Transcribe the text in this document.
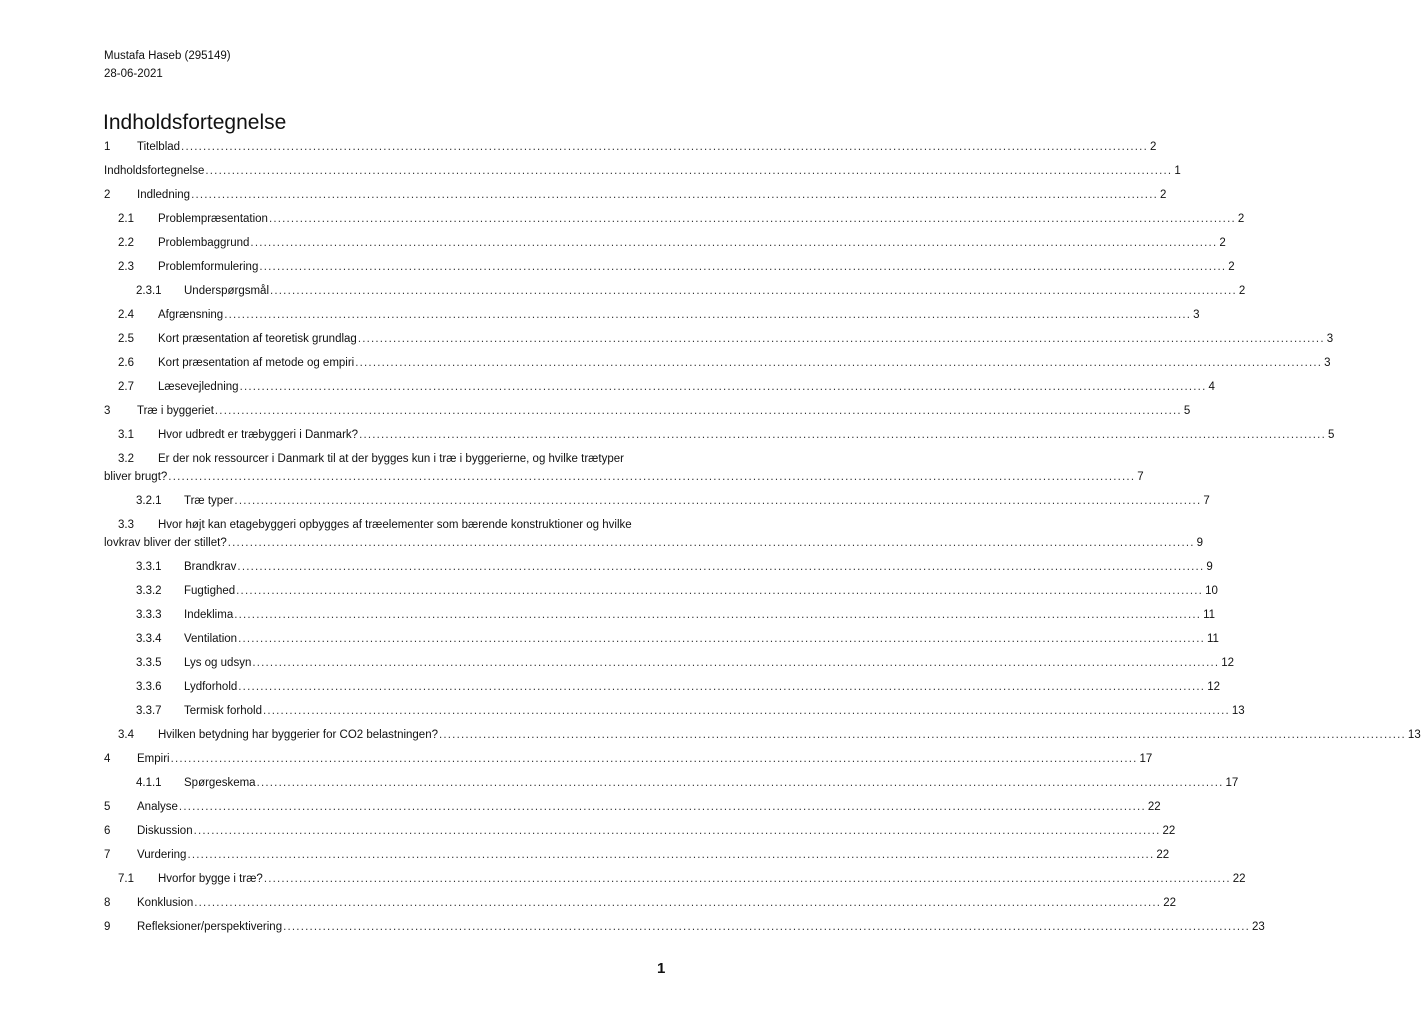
Mustafa Haseb (295149)
28-06-2021
Indholdsfortegnelse
1 Titelblad ............................................................................................................................................................................................................................ 2
Indholdsfortegnelse ............................................................................................................................................................................................................................ 1
2 Indledning ............................................................................................................................................................................................................................ 2
2.1 Problempræsentation ............................................................................................................................................................................................................................ 2
2.2 Problembaggrund ............................................................................................................................................................................................................................ 2
2.3 Problemformulering ............................................................................................................................................................................................................................ 2
2.3.1 Underspørgsmål ............................................................................................................................................................................................................................ 2
2.4 Afgrænsning ............................................................................................................................................................................................................................ 3
2.5 Kort præsentation af teoretisk grundlag ............................................................................................................................................................................................................................ 3
2.6 Kort præsentation af metode og empiri ............................................................................................................................................................................................................................ 3
2.7 Læsevejledning ............................................................................................................................................................................................................................ 4
3 Træ i byggeriet ............................................................................................................................................................................................................................ 5
3.1 Hvor udbredt er træbyggeri i Danmark? ............................................................................................................................................................................................................................ 5
3.2 Er der nok ressourcer i Danmark til at der bygges kun i træ i byggerierne, og hvilke trætyper
bliver brugt? ............................................................................................................................................................................................................................ 7
3.2.1 Træ typer ............................................................................................................................................................................................................................ 7
3.3 Hvor højt kan etagebyggeri opbygges af træelementer som bærende konstruktioner og hvilke
lovkrav bliver der stillet? ............................................................................................................................................................................................................................ 9
3.3.1 Brandkrav ............................................................................................................................................................................................................................ 9
3.3.2 Fugtighed ............................................................................................................................................................................................................................ 10
3.3.3 Indeklima ............................................................................................................................................................................................................................ 11
3.3.4 Ventilation ............................................................................................................................................................................................................................ 11
3.3.5 Lys og udsyn ............................................................................................................................................................................................................................ 12
3.3.6 Lydforhold ............................................................................................................................................................................................................................ 12
3.3.7 Termisk forhold ............................................................................................................................................................................................................................ 13
3.4 Hvilken betydning har byggerier for CO2 belastningen? ............................................................................................................................................................................................................................ 13
4 Empiri ............................................................................................................................................................................................................................ 17
4.1.1 Spørgeskema ............................................................................................................................................................................................................................ 17
5 Analyse ............................................................................................................................................................................................................................ 22
6 Diskussion ............................................................................................................................................................................................................................ 22
7 Vurdering ............................................................................................................................................................................................................................ 22
7.1 Hvorfor bygge i træ? ............................................................................................................................................................................................................................ 22
8 Konklusion ............................................................................................................................................................................................................................ 22
9 Refleksioner/perspektivering ............................................................................................................................................................................................................................ 23
1
